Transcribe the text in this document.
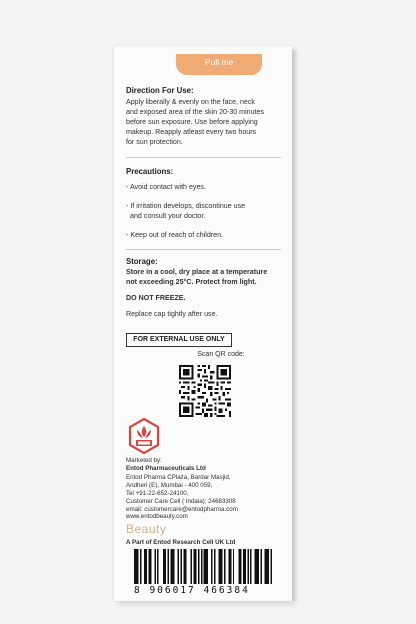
Pull me
Direction For Use:
Apply liberally & evenly on the face, neck
and exposed area of the skin 20-30 minutes
before sun exposure. Use before applying
makeup. Reapply atleast every two hours
for sun protection.
Precautions:
- Avoid contact with eyes.
- If irritation develops, discontinue use
and consult your doctor.
- Keep out of reach of children.
Storage:
Store in a cool, dry place at a temperature
not exceeding 25°C. Protect from light.
DO NOT FREEZE.
Replace cap tightly after use.
FOR EXTERNAL USE ONLY
Scan QR code:
Marketed by:
Entod Pharmaceuticals Ltd
Entod Pharma CPlaza, Bardar Masjid,
Andheri (E), Mumbai - 400 059,
Tel +91-22-652-24100,
Customer Care Cell ( Indaia); 24683308
email: customercare@entodpharma.com
www.entodbeauty.com
Beauty
A Part of Entod Research Cell UK Ltd
8 906017 466384
